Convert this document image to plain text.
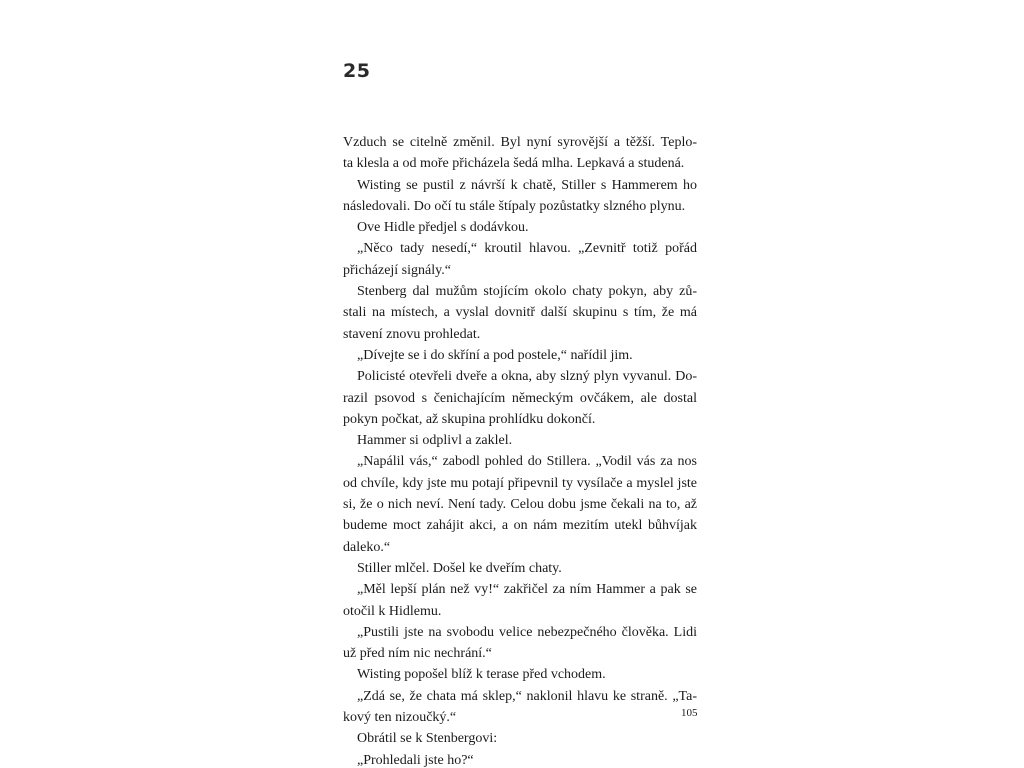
25
Vzduch se citelně změnil. Byl nyní syrovější a těžší. Teplo-
ta klesla a od moře přicházela šedá mlha. Lepkavá a studená.
Wisting se pustil z návrší k chatě, Stiller s Hammerem ho
následovali. Do očí tu stále štípaly pozůstatky slzného plynu.
Ove Hidle předjel s dodávkou.
„Něco tady nesedí,“ kroutil hlavou. „Zevnitř totiž pořád
přicházejí signály.“
Stenberg dal mužům stojícím okolo chaty pokyn, aby zů-
stali na místech, a vyslal dovnitř další skupinu s tím, že má
stavení znovu prohledat.
„Dívejte se i do skříní a pod postele,“ nařídil jim.
Policisté otevřeli dveře a okna, aby slzný plyn vyvanul. Do-
razil psovod s čenichajícím německým ovčákem, ale dostal
pokyn počkat, až skupina prohlídku dokončí.
Hammer si odplivl a zaklel.
„Napálil vás,“ zabodl pohled do Stillera. „Vodil vás za nos
od chvíle, kdy jste mu potají připevnil ty vysílače a myslel jste
si, že o nich neví. Není tady. Celou dobu jsme čekali na to, až
budeme moct zahájit akci, a on nám mezitím utekl bůhvíjak
daleko.“
Stiller mlčel. Došel ke dveřím chaty.
„Měl lepší plán než vy!“ zakřičel za ním Hammer a pak se
otočil k Hidlemu.
„Pustili jste na svobodu velice nebezpečného člověka. Lidi
už před ním nic nechrání.“
Wisting popošel blíž k terase před vchodem.
„Zdá se, že chata má sklep,“ naklonil hlavu ke straně. „Ta-
kový ten nizoučký.“
Obrátil se k Stenbergovi:
„Prohledali jste ho?“
105
